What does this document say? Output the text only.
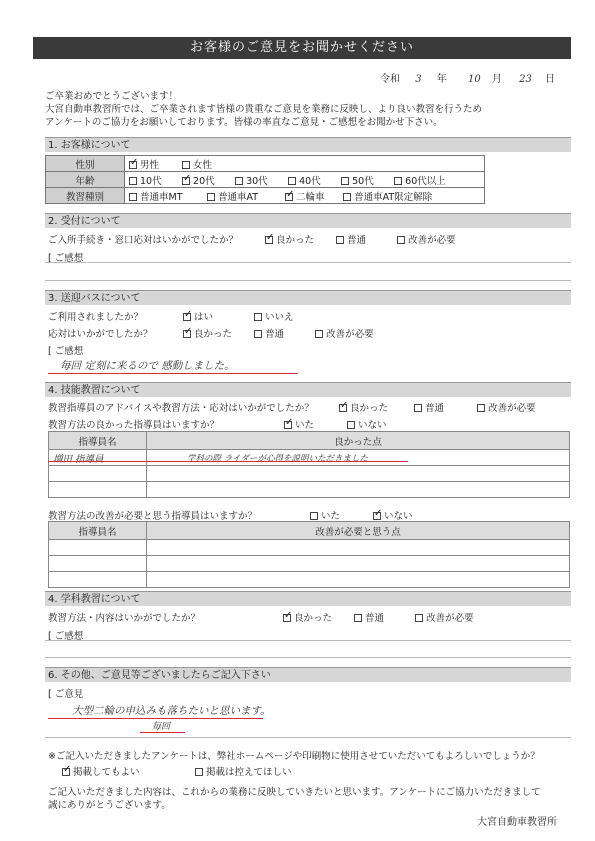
お客様のご意見をお聞かせください
令和 3 年 10 月 23 日
ご卒業おめでとうございます！
大宮自動車教習所では、ご卒業されます皆様の貴重なご意見を業務に反映し、より良い教習を行うため
アンケートのご協力をお願いしております。皆様の率直なご意見・ご感想をお聞かせ下さい。
1. お客様について
性別	✓男性 女性
年齢	10代 ✓ 20代 30代 40代 50代 60代以上
教習種別	普通車MT 普通車AT ✓ 二輪車 普通車AT限定解除
2. 受付について
ご入所手続き・窓口応対はいかがでしたか？ ✓	良かった	普通	改善が必要
[ ご感想
3. 送迎バスについて
ご利用されましたか？ ✓	はい	いいえ
応対はいかがでしたか？ ✓	良かった	普通	改善が必要
[ ご感想
毎回 定刻に来るので 感動しました。
4. 技能教習について
教習指導員のアドバイスや教習方法・応対はいかがでしたか？ ✓	良かった	普通	改善が必要
教習方法の良かった指導員はいますか？ ✓	いた	いない
指導員名	良かった点
増田 指導員	学科の際 ライダーが心得を説明いただきました

教習方法の改善が必要と思う指導員はいますか？	いた ✓	いない
指導員名	改善が必要と思う点

4. 学科教習について
教習方法・内容はいかがでしたか？ ✓	良かった	普通	改善が必要
[ ご感想
6. その他、ご意見等ございましたらご記入下さい
[ ご意見
大型二輪の申込みも落ちたいと思います。
毎回
※ご記入いただきましたアンケートは、弊社ホームページや印刷物に使用させていただいてもよろしいでしょうか？
✓掲載してもよい	掲載は控えてほしい
ご記入いただきました内容は、これからの業務に反映していきたいと思います。アンケートにご協力いただきまして
誠にありがとうございます。
大宮自動車教習所
